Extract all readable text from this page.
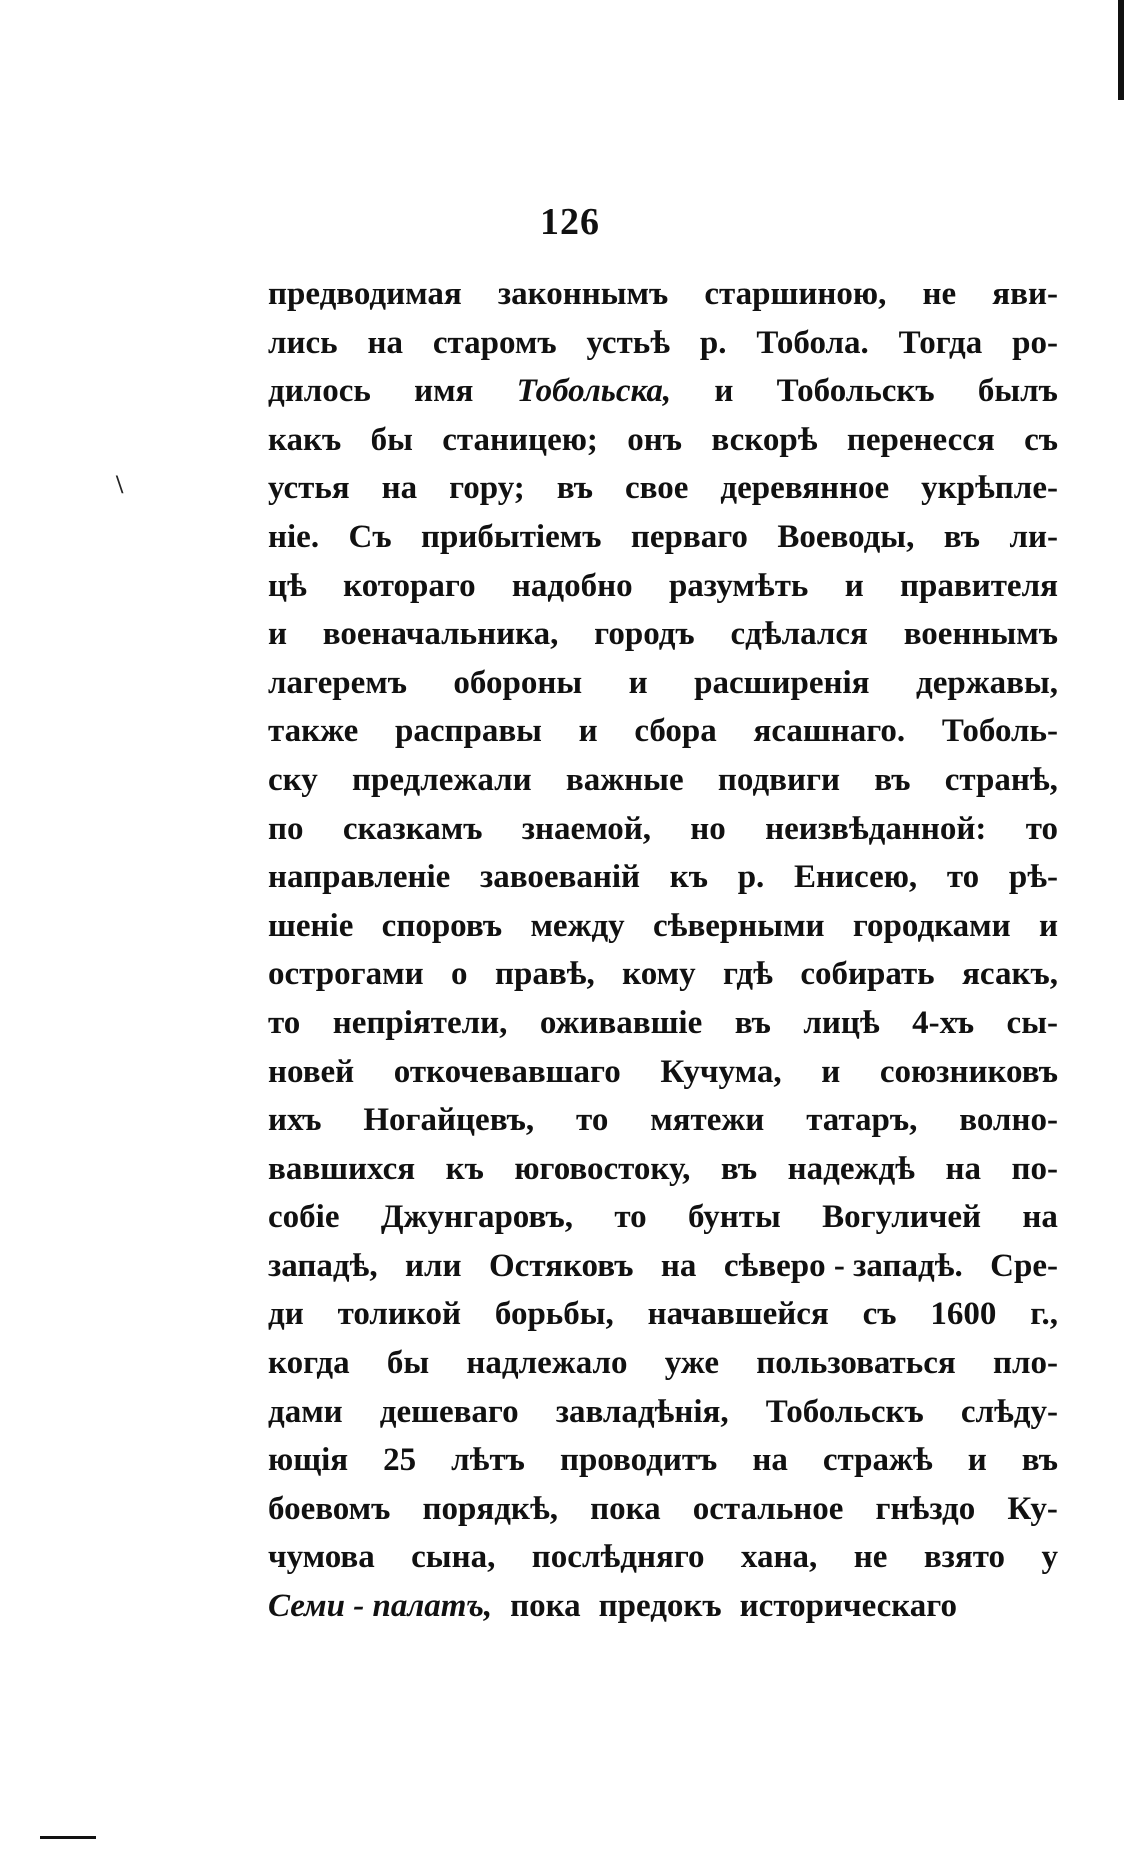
\
126
предводимая законнымъ старшиною, не яви-
лись на старомъ устьѣ р. Тобола. Тогда ро-
дилось имя Тобольска, и Тобольскъ былъ
какъ бы станицею; онъ вскорѣ перенесся съ
устья на гору; въ свое деревянное укрѣпле-
ніе. Съ прибытіемъ перваго Воеводы, въ ли-
цѣ котораго надобно разумѣть и правителя
и военачальника, городъ сдѣлался военнымъ
лагеремъ обороны и расширенія державы,
также расправы и сбора ясашнаго. Тоболь-
ску предлежали важные подвиги въ странѣ,
по сказкамъ знаемой, но неизвѣданной: то
направленіе завоеваній къ р. Енисею, то рѣ-
шеніе споровъ между сѣверными городками и
острогами о правѣ, кому гдѣ собирать ясакъ,
то непріятели, оживавшіе въ лицѣ 4-хъ сы-
новей откочевавшаго Кучума, и союзниковъ
ихъ Ногайцевъ, то мятежи татаръ, волно-
вавшихся къ юговостоку, въ надеждѣ на по-
собіе Джунгаровъ, то бунты Вогуличей на
западѣ, или Остяковъ на сѣверо - западѣ. Сре-
ди толикой борьбы, начавшейся съ 1600 г.,
когда бы надлежало уже пользоваться пло-
дами дешеваго завладѣнія, Тобольскъ слѣду-
ющія 25 лѣтъ проводитъ на стражѣ и въ
боевомъ порядкѣ, пока остальное гнѣздо Ку-
чумова сына, послѣдняго хана, не взято у
Семи - палатъ, пока предокъ историческаго
